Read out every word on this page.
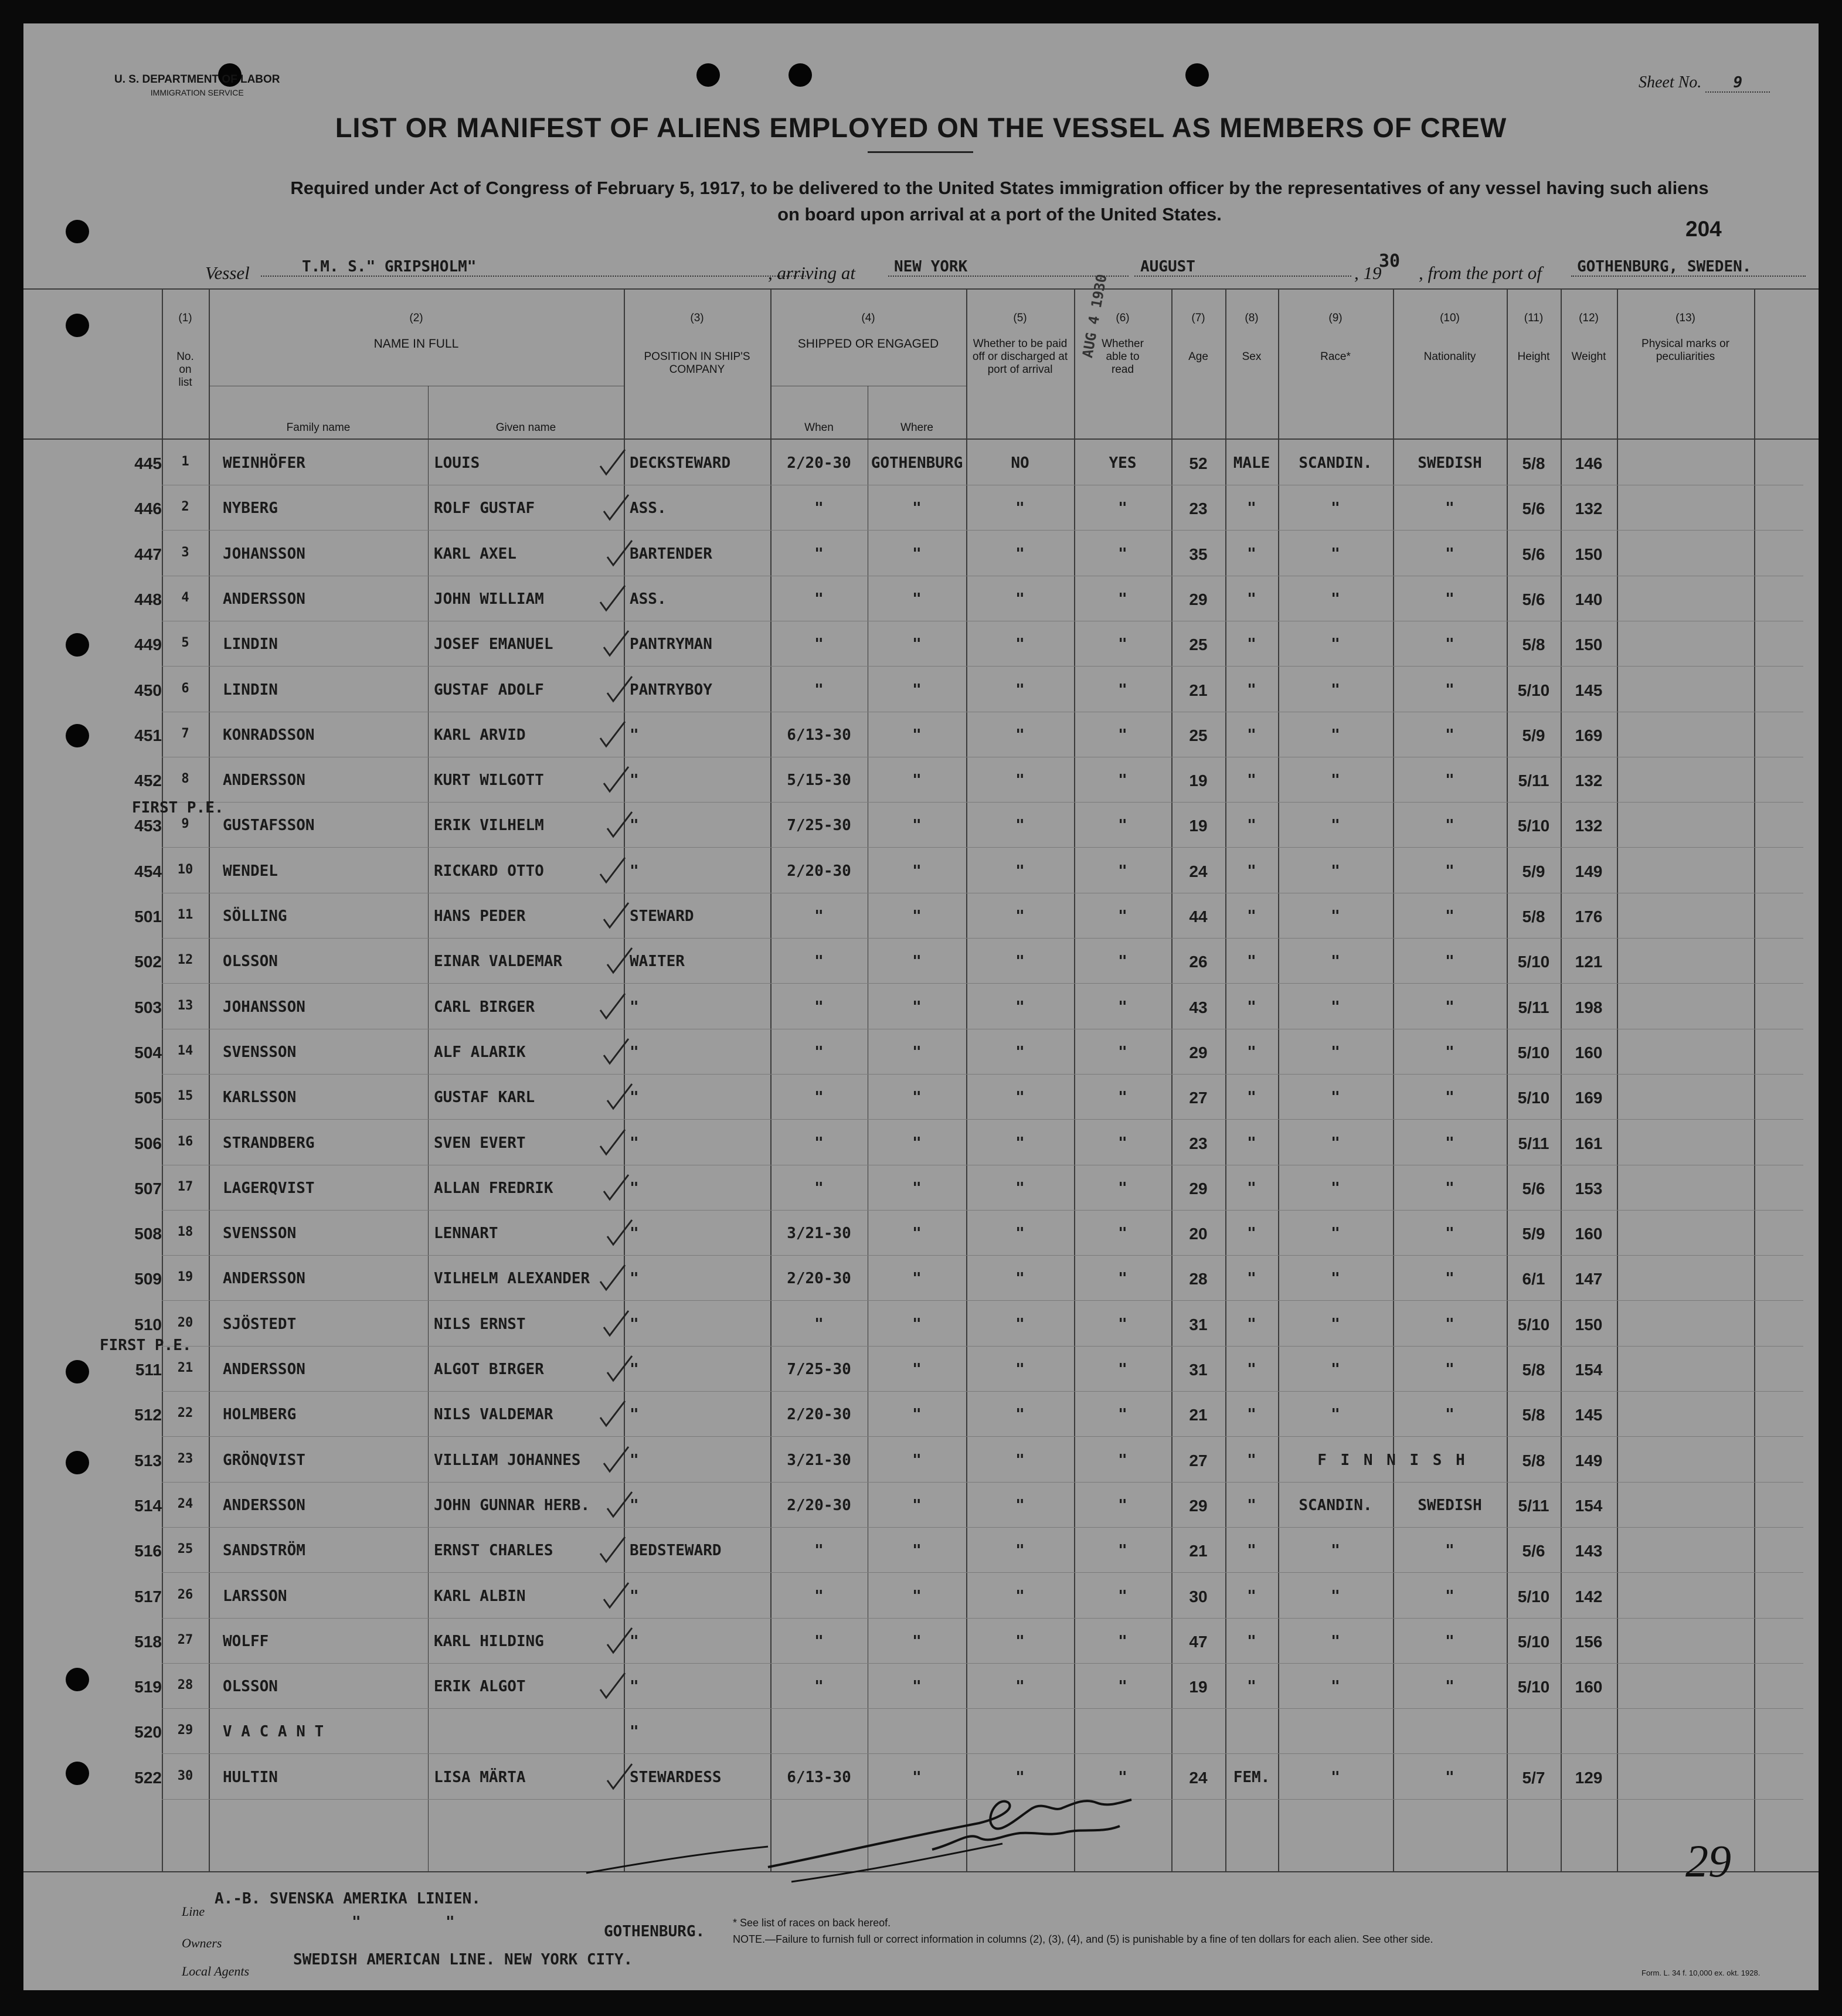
U. S. DEPARTMENT OF LABOR
IMMIGRATION SERVICE
Sheet No. 9
LIST OR MANIFEST OF ALIENS EMPLOYED ON THE VESSEL AS MEMBERS OF CREW
Required under Act of Congress of February 5, 1917, to be delivered to the United States immigration officer by the representatives of any vessel having such aliens
on board upon arrival at a port of the United States.
204
Vessel	T.M. S." GRIPSHOLM"	, arriving at	NEW YORK	AUGUST	, 19
30
, from the port of	GOTHENBURG, SWEDEN.
(1)
No.
on
list
(2)
NAME IN FULL
Family name	Given name
(3)
POSITION IN SHIP'S
COMPANY
(4)
SHIPPED OR ENGAGED
When	Where
(5)
Whether to be paid
off or discharged at
port of arrival
(6)
Whether
able to
read
(7)
Age
(8)
Sex
(9)
Race*
(10)
Nationality
(11)
Height
(12)
Weight
(13)
Physical marks or
peculiarities
445	1	WEINHÖFER	LOUIS	DECKSTEWARD	2/20-30	GOTHENBURG	NO	YES	52	MALE	SCANDIN.	SWEDISH	5/8	146
446	2	NYBERG	ROLF GUSTAF	ASS.	"	"	"	"	23	"	"	"	5/6	132
447	3	JOHANSSON	KARL AXEL	BARTENDER	"	"	"	"	35	"	"	"	5/6	150
448	4	ANDERSSON	JOHN WILLIAM	ASS.	"	"	"	"	29	"	"	"	5/6	140
449	5	LINDIN	JOSEF EMANUEL	PANTRYMAN	"	"	"	"	25	"	"	"	5/8	150
450	6	LINDIN	GUSTAF ADOLF	PANTRYBOY	"	"	"	"	21	"	"	"	5/10	145
451	7	KONRADSSON	KARL ARVID	"	6/13-30	"	"	"	25	"	"	"	5/9	169
452	8	ANDERSSON	KURT WILGOTT	"	5/15-30	"	"	"	19	"	"	"	5/11	132
453	9	GUSTAFSSON	ERIK VILHELM	"	7/25-30	"	"	"	19	"	"	"	5/10	132
454	10	WENDEL	RICKARD OTTO	"	2/20-30	"	"	"	24	"	"	"	5/9	149
501	11	SÖLLING	HANS PEDER	STEWARD	"	"	"	"	44	"	"	"	5/8	176
502	12	OLSSON	EINAR VALDEMAR	WAITER	"	"	"	"	26	"	"	"	5/10	121
503	13	JOHANSSON	CARL BIRGER	"	"	"	"	"	43	"	"	"	5/11	198
504	14	SVENSSON	ALF ALARIK	"	"	"	"	"	29	"	"	"	5/10	160
505	15	KARLSSON	GUSTAF KARL	"	"	"	"	"	27	"	"	"	5/10	169
506	16	STRANDBERG	SVEN EVERT	"	"	"	"	"	23	"	"	"	5/11	161
507	17	LAGERQVIST	ALLAN FREDRIK	"	"	"	"	"	29	"	"	"	5/6	153
508	18	SVENSSON	LENNART	"	3/21-30	"	"	"	20	"	"	"	5/9	160
509	19	ANDERSSON	VILHELM ALEXANDER	"	2/20-30	"	"	"	28	"	"	"	6/1	147
510	20	SJÖSTEDT	NILS ERNST	"	"	"	"	"	31	"	"	"	5/10	150
511	21	ANDERSSON	ALGOT BIRGER	"	7/25-30	"	"	"	31	"	"	"	5/8	154
512	22	HOLMBERG	NILS VALDEMAR	"	2/20-30	"	"	"	21	"	"	"	5/8	145
513	23	GRÖNQVIST	VILLIAM JOHANNES	"	3/21-30	"	"	"	27	"	F I N N I S H	5/8	149
514	24	ANDERSSON	JOHN GUNNAR HERB.	"	2/20-30	"	"	"	29	"	SCANDIN.	SWEDISH	5/11	154
516	25	SANDSTRÖM	ERNST CHARLES	BEDSTEWARD	"	"	"	"	21	"	"	"	5/6	143
517	26	LARSSON	KARL ALBIN	"	"	"	"	"	30	"	"	"	5/10	142
518	27	WOLFF	KARL HILDING	"	"	"	"	"	47	"	"	"	5/10	156
519	28	OLSSON	ERIK ALGOT	"	"	"	"	"	19	"	"	"	5/10	160
520	29	V A C A N T	"
522	30	HULTIN	LISA MÄRTA	STEWARDESS	6/13-30	"	"	"	24	FEM.	"	"	5/7	129
AUG 4 1930
FIRST P.E.
FIRST P.E.
29
Line
A.-B. SVENSKA AMERIKA LINIEN.
Owners
"	"
GOTHENBURG.
Local Agents
SWEDISH AMERICAN LINE. NEW YORK CITY.
* See list of races on back hereof.
NOTE.—Failure to furnish full or correct information in columns (2), (3), (4), and (5) is punishable by a fine of ten dollars for each alien. See other side.
Form. L. 34 f. 10,000 ex. okt. 1928.
